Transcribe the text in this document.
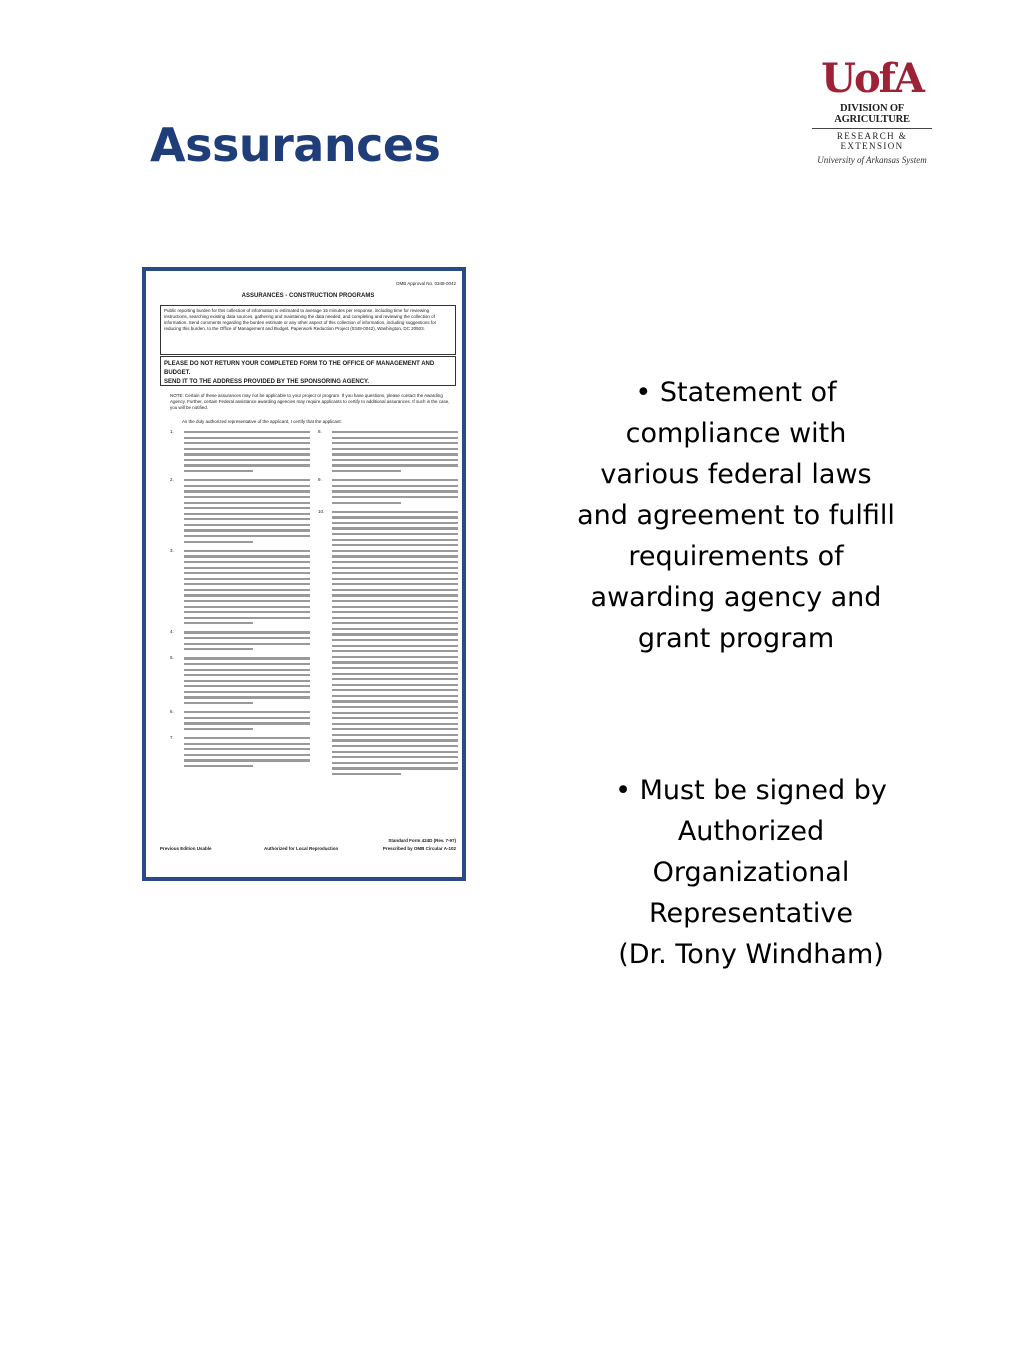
Assurances
UofA
DIVISION OF AGRICULTURE
RESEARCH & EXTENSION
University of Arkansas System
OMB Approval No. 0348-0042
ASSURANCES - CONSTRUCTION PROGRAMS
Public reporting burden for this collection of information is estimated to average 15 minutes per response, including time for reviewing instructions, searching existing data sources, gathering and maintaining the data needed, and completing and reviewing the collection of information. Send comments regarding the burden estimate or any other aspect of this collection of information, including suggestions for reducing this burden, to the Office of Management and Budget, Paperwork Reduction Project (0348-0042), Washington, DC 20503.
PLEASE DO NOT RETURN YOUR COMPLETED FORM TO THE OFFICE OF MANAGEMENT AND BUDGET.
SEND IT TO THE ADDRESS PROVIDED BY THE SPONSORING AGENCY.
NOTE: Certain of these assurances may not be applicable to your project or program. If you have questions, please contact the Awarding Agency. Further, certain Federal assistance awarding agencies may require applicants to certify to additional assurances. If such is the case, you will be notified.
As the duly authorized representative of the applicant, I certify that the applicant:
1.
2.
3.
4.
5.
6.
7.
8.
9.
10.
Previous Edition Usable	Authorized for Local Reproduction
Standard Form 424D (Rev. 7-97)
Prescribed by OMB Circular A-102

• Statement of
compliance with
various federal laws
and agreement to fulfill
requirements of
awarding agency and
grant program

• Must be signed by
Authorized
Organizational
Representative
(Dr. Tony Windham)
